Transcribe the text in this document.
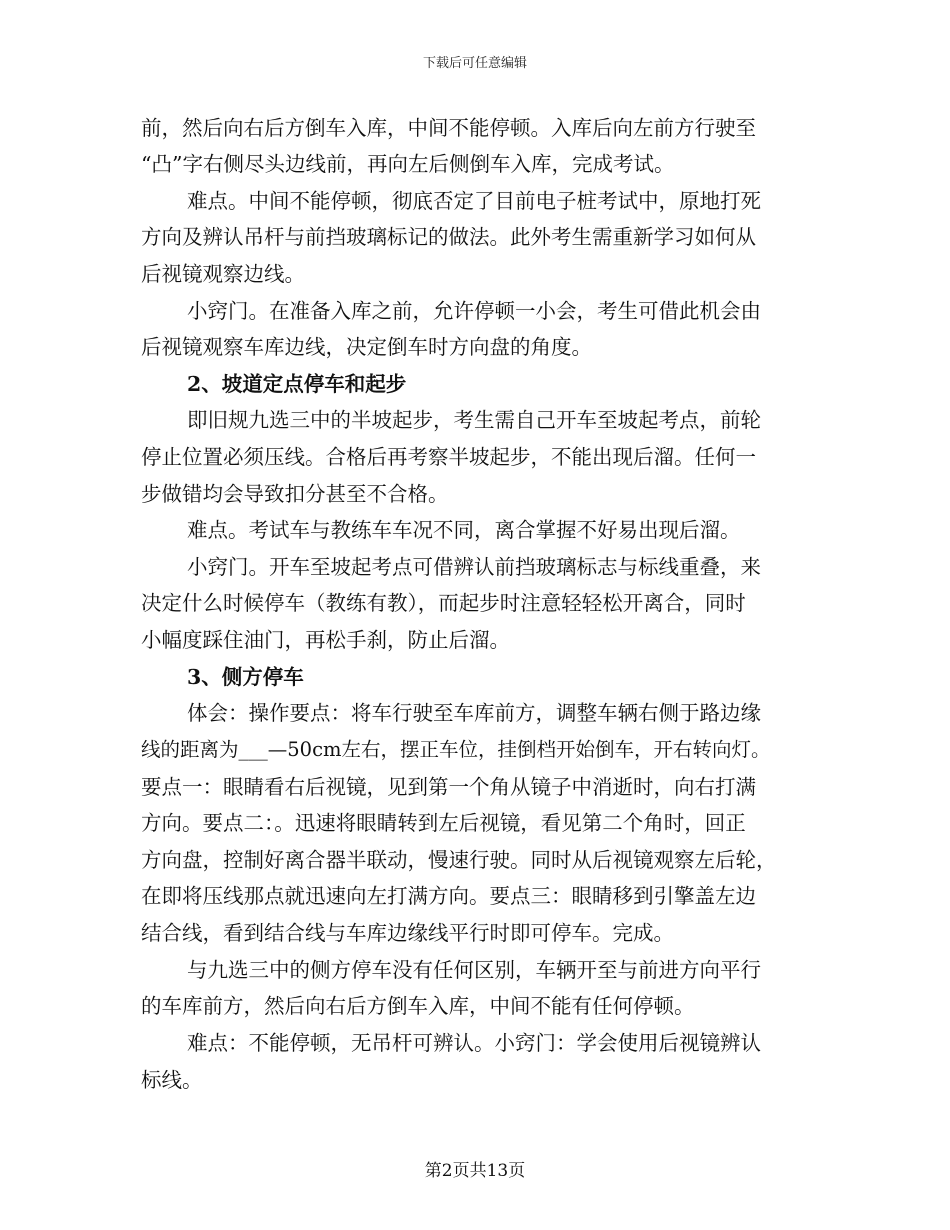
下载后可任意编辑
前，然后向右后方倒车入库，中间不能停顿。入库后向左前方行驶至
“凸”字右侧尽头边线前，再向左后侧倒车入库，完成考试。
难点。中间不能停顿，彻底否定了目前电子桩考试中，原地打死
方向及辨认吊杆与前挡玻璃标记的做法。此外考生需重新学习如何从
后视镜观察边线。
小窍门。在准备入库之前，允许停顿一小会，考生可借此机会由
后视镜观察车库边线，决定倒车时方向盘的角度。
2、坡道定点停车和起步
即旧规九选三中的半坡起步，考生需自己开车至坡起考点，前轮
停止位置必须压线。合格后再考察半坡起步，不能出现后溜。任何一
步做错均会导致扣分甚至不合格。
难点。考试车与教练车车况不同，离合掌握不好易出现后溜。
小窍门。开车至坡起考点可借辨认前挡玻璃标志与标线重叠，来
决定什么时候停车（教练有教），而起步时注意轻轻松开离合，同时
小幅度踩住油门，再松手刹，防止后溜。
3、侧方停车
体会：操作要点：将车行驶至车库前方，调整车辆右侧于路边缘
线的距离为___—50cm左右，摆正车位，挂倒档开始倒车，开右转向灯。
要点一：眼睛看右后视镜，见到第一个角从镜子中消逝时，向右打满
方向。要点二：。迅速将眼睛转到左后视镜，看见第二个角时，回正
方向盘，控制好离合器半联动，慢速行驶。同时从后视镜观察左后轮，
在即将压线那点就迅速向左打满方向。要点三：眼睛移到引擎盖左边
结合线，看到结合线与车库边缘线平行时即可停车。完成。
与九选三中的侧方停车没有任何区别，车辆开至与前进方向平行
的车库前方，然后向右后方倒车入库，中间不能有任何停顿。
难点：不能停顿，无吊杆可辨认。小窍门：学会使用后视镜辨认
标线。
第2页共13页
